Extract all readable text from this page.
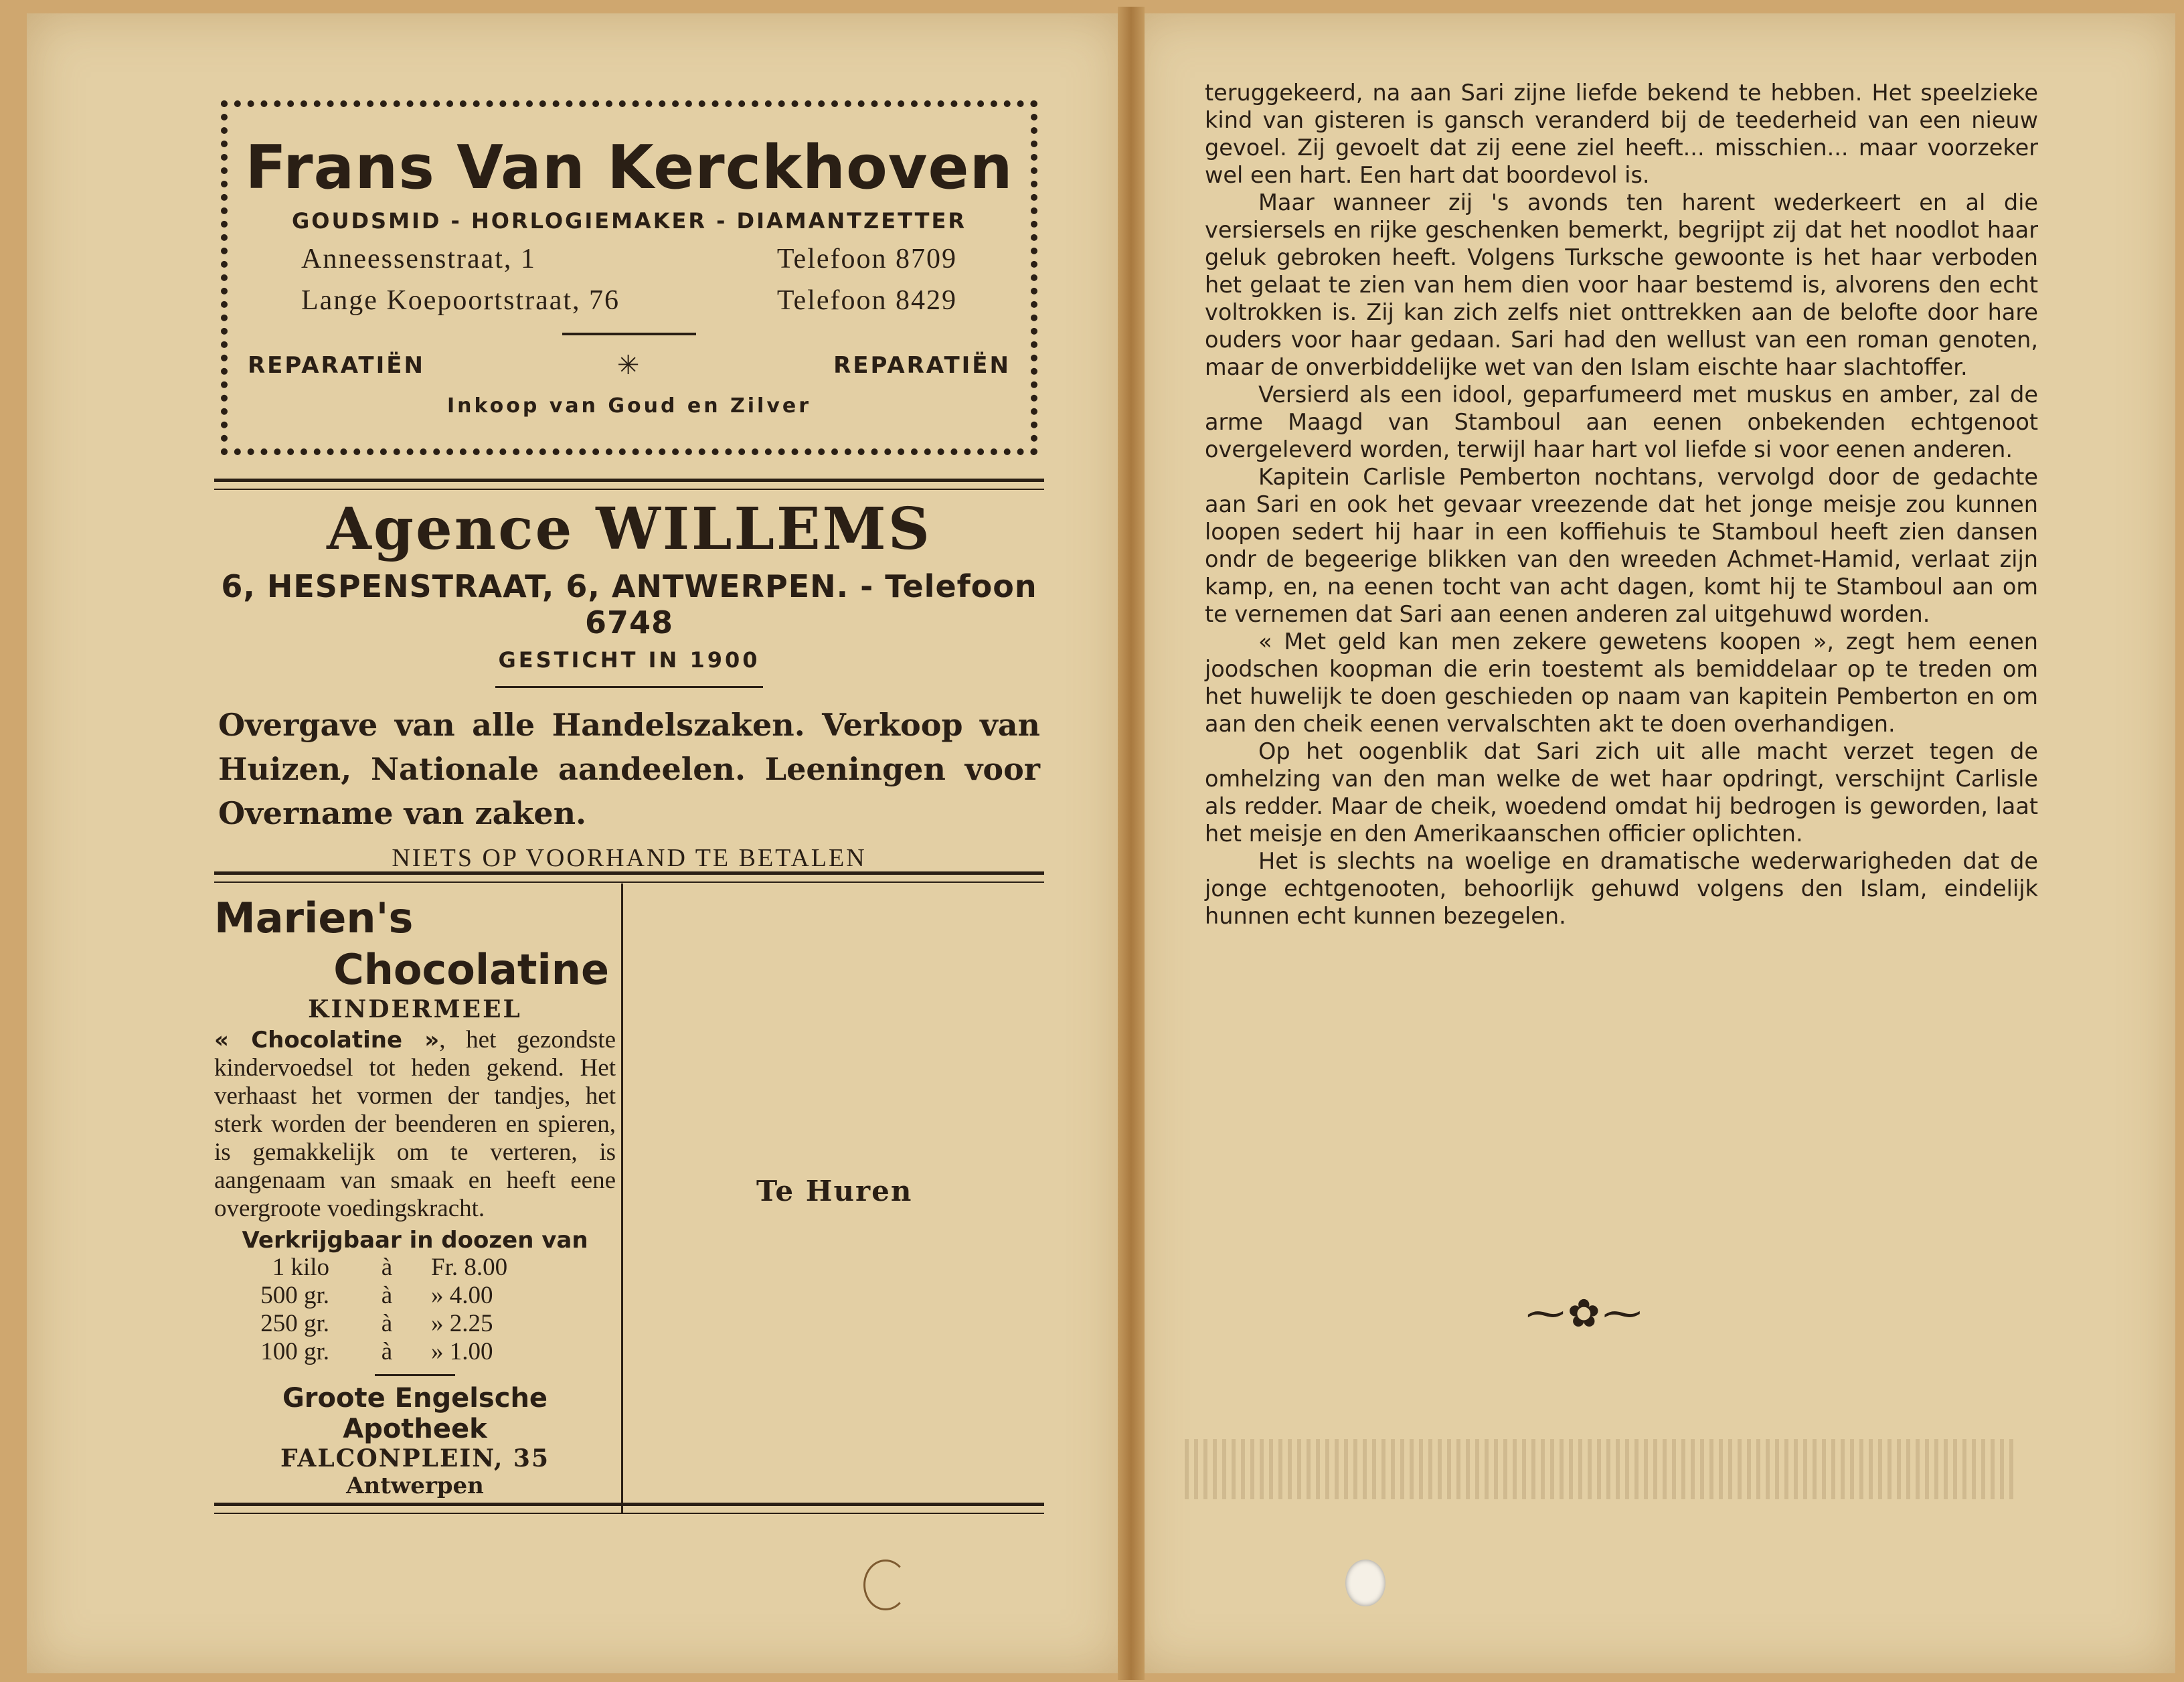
Frans Van Kerckhoven
GOUDSMID - HORLOGIEMAKER - DIAMANTZETTER
Anneessenstraat, 1	Telefoon 8709
Lange Koepoortstraat, 76	Telefoon 8429
REPARATIËN	✳	REPARATIËN
Inkoop van Goud en Zilver
Agence WILLEMS
6, HESPENSTRAAT, 6, ANTWERPEN. - Telefoon 6748
GESTICHT IN 1900
Overgave van alle Handelszaken. Verkoop van Huizen, Nationale aandeelen. Leeningen voor Overname van zaken.
NIETS OP VOORHAND TE BETALEN
Marien's
Chocolatine
KINDERMEEL
« Chocolatine », het gezondste kindervoedsel tot heden gekend. Het verhaast het vormen der tandjes, het sterk worden der beenderen en spieren, is gemakkelijk om te verteren, is aangenaam van smaak en heeft eene overgroote voedingskracht.
Verkrijgbaar in doozen van
1 kilo	à	Fr. 8.00
500 gr.	à	» 4.00
250 gr.	à	» 2.25
100 gr.	à	» 1.00
Groote Engelsche Apotheek
FALCONPLEIN, 35
Antwerpen
Te Huren

teruggekeerd, na aan Sari zijne liefde bekend te hebben. Het speelzieke kind van gisteren is gansch veranderd bij de teederheid van een nieuw gevoel. Zij gevoelt dat zij eene ziel heeft... misschien... maar voorzeker wel een hart. Een hart dat boordevol is.

Maar wanneer zij 's avonds ten harent wederkeert en al die versiersels en rijke geschenken bemerkt, begrijpt zij dat het noodlot haar geluk gebroken heeft. Volgens Turksche gewoonte is het haar verboden het gelaat te zien van hem dien voor haar bestemd is, alvorens den echt voltrokken is. Zij kan zich zelfs niet onttrekken aan de belofte door hare ouders voor haar gedaan. Sari had den wellust van een roman genoten, maar de onverbiddelijke wet van den Islam eischte haar slachtoffer.

Versierd als een idool, geparfumeerd met muskus en amber, zal de arme Maagd van Stamboul aan eenen onbekenden echtgenoot overgeleverd worden, terwijl haar hart vol liefde si voor eenen anderen.

Kapitein Carlisle Pemberton nochtans, vervolgd door de gedachte aan Sari en ook het gevaar vreezende dat het jonge meisje zou kunnen loopen sedert hij haar in een koffiehuis te Stamboul heeft zien dansen ondr de begeerige blikken van den wreeden Achmet-Hamid, verlaat zijn kamp, en, na eenen tocht van acht dagen, komt hij te Stamboul aan om te vernemen dat Sari aan eenen anderen zal uitgehuwd worden.

« Met geld kan men zekere gewetens koopen », zegt hem eenen joodschen koopman die erin toestemt als bemiddelaar op te treden om het huwelijk te doen geschieden op naam van kapitein Pemberton en om aan den cheik eenen vervalschten akt te doen overhandigen.

Op het oogenblik dat Sari zich uit alle macht verzet tegen de omhelzing van den man welke de wet haar opdringt, verschijnt Carlisle als redder. Maar de cheik, woedend omdat hij bedrogen is geworden, laat het meisje en den Amerikaanschen officier oplichten.

Het is slechts na woelige en dramatische wederwarigheden dat de jonge echtgenooten, behoorlijk gehuwd volgens den Islam, eindelijk hunnen echt kunnen bezegelen.

⁓✿⁓
